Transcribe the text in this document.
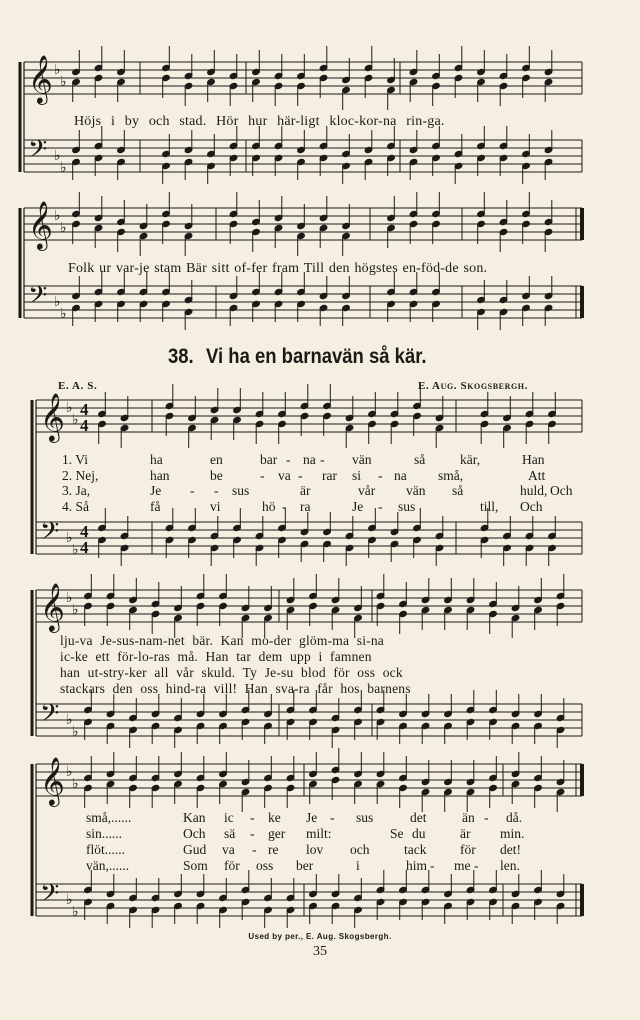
𝄞
𝄢
♭
♭
♭
♭
𝄞
𝄢
♭
♭
♭
♭
𝄞
𝄢
♭
♭
♭
♭
4
4
4
4
𝄞
𝄢
♭
♭
♭
♭
𝄞
𝄢
♭
♭
♭
♭
Höjs i by och stad. Hör hur här-ligt kloc-kor-na rin-ga.
Folk ur var-je stam Bär sitt of-fer fram Till den högstes en-föd-de son.
38. Vi ha en barnavän så kär.
E. A. S.	E. Aug. Skogsbergh.
1. Vi	ha	en	bar - na - vän	så	kär,	Han
2. Nej,	han	be	- va - rar si - na små,	Att
3. Ja,	Je - - sus	är	vår vän så	huld, Och
4. Så	få	vi	hö - ra	Je - sus	till, Och
lju-va Je-sus-nam-net bär. Kan mo-der glöm-ma si-na
ic-ke ett för-lo-ras må. Han tar dem upp i famnen
han ut-stry-ker all vår skuld. Ty Je-su blod för oss ock
stackars den oss hind-ra vill! Han sva-ra får hos barnens
små,......	Kan ic - ke Je - sus	det	än - då.
sin......	Och sä - ger milt:	Se du	är min.
flöt......	Gud va - re lov och	tack för det!
vän,......	Som för oss ber	i	him - me - len.
Used by per., E. Aug. Skogsbergh.
35
